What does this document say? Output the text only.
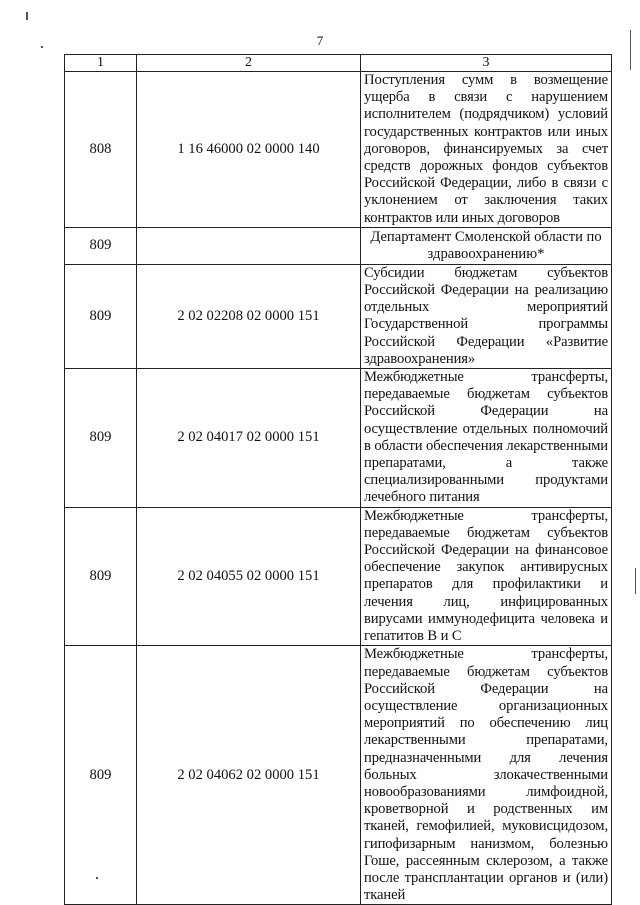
7
1	2	3
808	1 16 46000 02 0000 140	Поступления сумм в возмещение ущерба в связи с нарушением исполнителем (подрядчиком) условий государственных контрактов или иных договоров, финансируемых за счет средств дорожных фондов субъектов Российской Федерации, либо в связи с уклонением от заключения таких контрактов или иных договоров
809		Департамент Смоленской области по здравоохранению*
809	2 02 02208 02 0000 151	Субсидии бюджетам субъектов Российской Федерации на реализацию отдельных мероприятий Государственной программы Российской Федерации «Развитие здравоохранения»
809	2 02 04017 02 0000 151	Межбюджетные трансферты, передаваемые бюджетам субъектов Российской Федерации на осуществление отдельных полномочий в области обеспечения лекарственными препаратами, а также специализированными продуктами лечебного питания
809	2 02 04055 02 0000 151	Межбюджетные трансферты, передаваемые бюджетам субъектов Российской Федерации на финансовое обеспечение закупок антивирусных препаратов для профилактики и лечения лиц, инфицированных вирусами иммунодефицита человека и гепатитов В и С
809	2 02 04062 02 0000 151	Межбюджетные трансферты, передаваемые бюджетам субъектов Российской Федерации на осуществление организационных мероприятий по обеспечению лиц лекарственными препаратами, предназначенными для лечения больных злокачественными новообразованиями лимфоидной, кроветворной и родственных им тканей, гемофилией, муковисцидозом, гипофизарным нанизмом, болезнью Гоше, рассеянным склерозом, а также после трансплантации органов и (или) тканей
